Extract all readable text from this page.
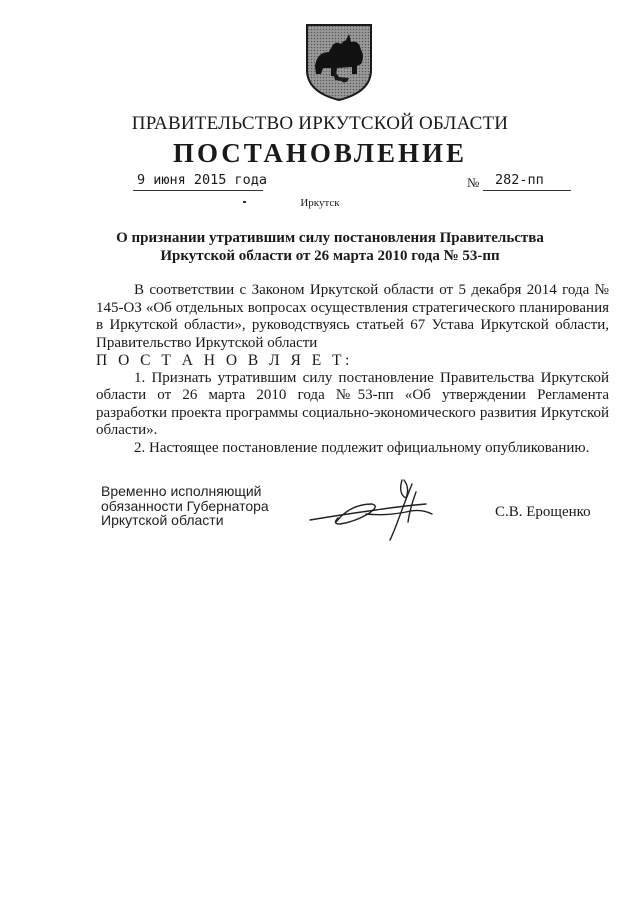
ПРАВИТЕЛЬСТВО ИРКУТСКОЙ ОБЛАСТИ
ПОСТАНОВЛЕНИЕ
9 июня 2015 года	№ 282-пп
Иркутск
О признании утратившим силу постановления Правительства
Иркутской области от 26 марта 2010 года № 53-пп

В соответствии с Законом Иркутской области от 5 декабря 2014 года № 145-ОЗ «Об отдельных вопросах осуществления стратегического планирования в Иркутской области», руководствуясь статьей 67 Устава Иркутской области, Правительство Иркутской области

П О С Т А Н О В Л Я Е Т:

1. Признать утратившим силу постановление Правительства Иркутской области от 26 марта 2010 года №53-пп «Об утверждении Регламента разработки проекта программы социально-экономического развития Иркутской области».

2. Настоящее постановление подлежит официальному опубликованию.

Временно исполняющий
обязанности Губернатора
Иркутской области	С.В. Ерощенко
